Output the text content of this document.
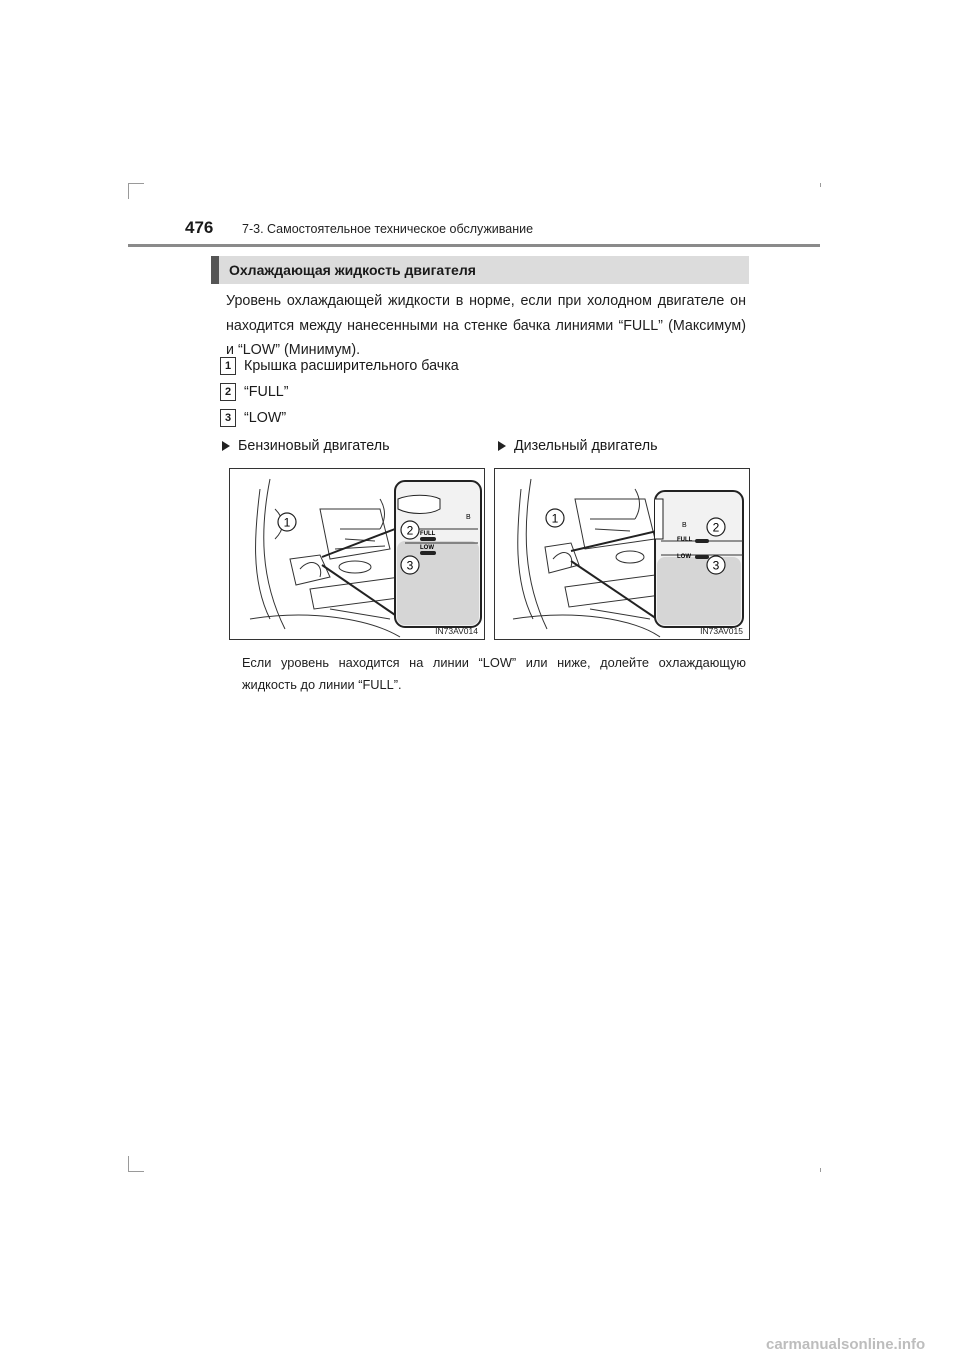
476 7-3. Самостоятельное техническое обслуживание
Охлаждающая жидкость двигателя
Уровень охлаждающей жидкости в норме, если при холодном двигателе он находится между нанесенными на стенке бачка линиями “FULL” (Максимум) и “LOW” (Минимум).
1 Крышка расширительного бачка
2 “FULL”
3 “LOW”
Бензиновый двигатель	Дизельный двигатель
FULL
LOW
B
1
2
3
IN73AV014
FULL
LOW
B
1
2
3
IN73AV015
Если уровень находится на линии “LOW” или ниже, долейте охлаждающую жидкость до линии “FULL”.
carmanualsonline.info
